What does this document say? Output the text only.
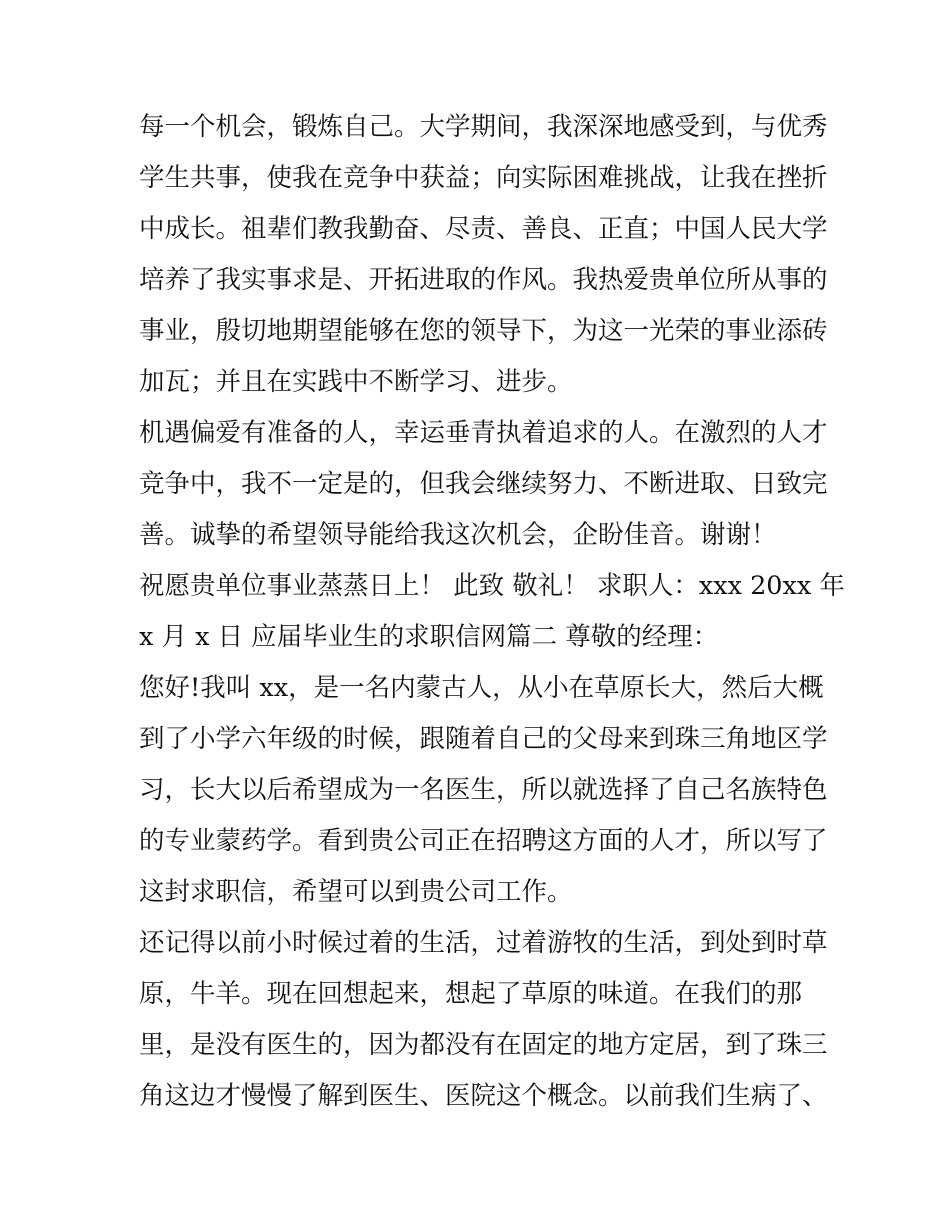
每一个机会，锻炼自己。大学期间，我深深地感受到，与优秀
学生共事，使我在竞争中获益；向实际困难挑战，让我在挫折
中成长。祖辈们教我勤奋、尽责、善良、正直；中国人民大学
培养了我实事求是、开拓进取的作风。我热爱贵单位所从事的
事业，殷切地期望能够在您的领导下，为这一光荣的事业添砖
加瓦；并且在实践中不断学习、进步。
机遇偏爱有准备的人，幸运垂青执着追求的人。在激烈的人才
竞争中，我不一定是的，但我会继续努力、不断进取、日致完
善。诚挚的希望领导能给我这次机会，企盼佳音。谢谢！
祝愿贵单位事业蒸蒸日上！ 此致 敬礼！ 求职人：xxx 20xx 年
x 月 x 日 应届毕业生的求职信网篇二 尊敬的经理：
您好!我叫 xx，是一名内蒙古人，从小在草原长大，然后大概
到了小学六年级的时候，跟随着自己的父母来到珠三角地区学
习，长大以后希望成为一名医生，所以就选择了自己名族特色
的专业蒙药学。看到贵公司正在招聘这方面的人才，所以写了
这封求职信，希望可以到贵公司工作。
还记得以前小时候过着的生活，过着游牧的生活，到处到时草
原，牛羊。现在回想起来，想起了草原的味道。在我们的那
里，是没有医生的，因为都没有在固定的地方定居，到了珠三
角这边才慢慢了解到医生、医院这个概念。以前我们生病了、
